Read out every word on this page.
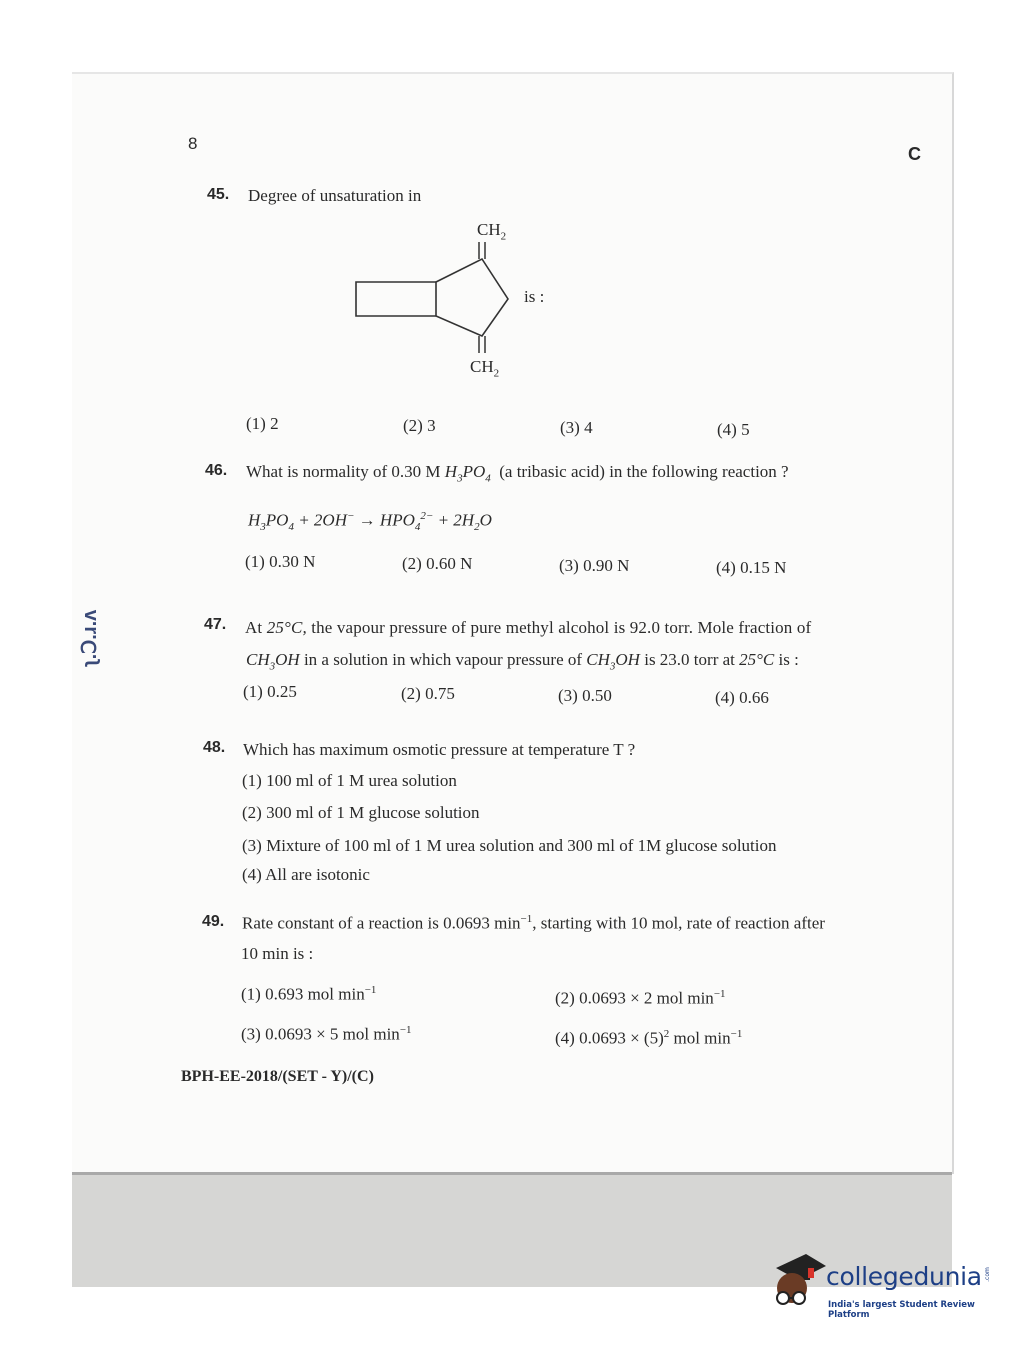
ʅ.ꓛ.ɹ.ʌ
8
C
45. Degree of unsaturation in
$CH_2$
$CH_2$
is :
(1) 2	(2) 3	(3) 4	(4) 5
46. What is normality of 0.30 M $H_3PO_4$ (a tribasic acid) in the following reaction ?
$H_3PO_4 + 2OH^- \to HPO_4^{2-} + 2H_2O$
(1) 0.30 N	(2) 0.60 N	(3) 0.90 N	(4) 0.15 N
47. At 25°C, the vapour pressure of pure methyl alcohol is 92.0 torr. Mole fraction of
$CH_3OH$ in a solution in which vapour pressure of $CH_3OH$ is 23.0 torr at 25°C is :
(1) 0.25	(2) 0.75	(3) 0.50	(4) 0.66
48. Which has maximum osmotic pressure at temperature T ?
(1) 100 ml of 1 M urea solution
(2) 300 ml of 1 M glucose solution
(3) Mixture of 100 ml of 1 M urea solution and 300 ml of 1M glucose solution
(4) All are isotonic
49. Rate constant of a reaction is 0.0693 $\min^{-1}$, starting with 10 mol, rate of reaction after
10 min is :
(1) 0.693 mol $\min^{-1}$	(2) 0.0693 × 2 mol $\min^{-1}$
(3) 0.0693 × 5 mol $\min^{-1}$	(4) $0.0693 \times (5)^2$ mol $\min^{-1}$
BPH-EE-2018/(SET - Y)/(C)
collegedunia .com
India's largest Student Review Platform
